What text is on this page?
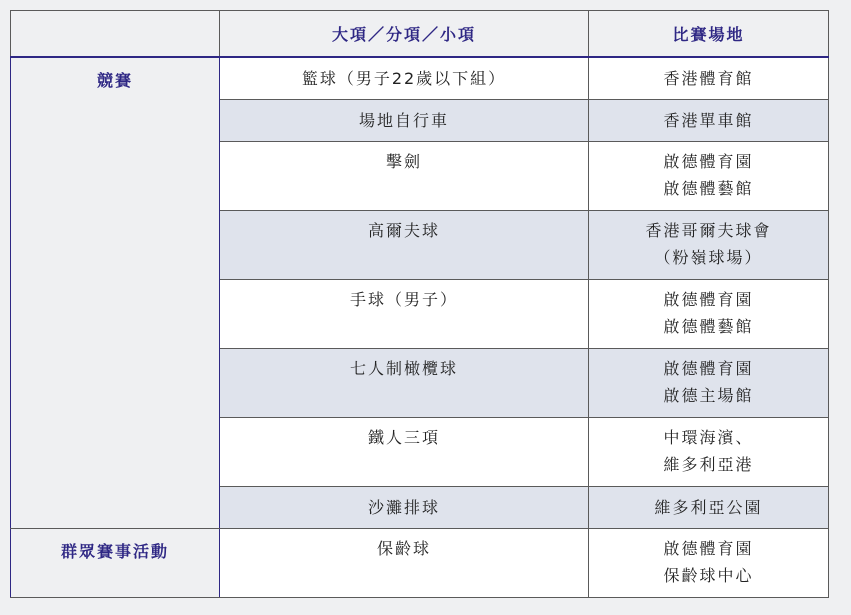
	大項／分項／小項	比賽場地
競賽	籃球（男子22歲以下組）	香港體育館

	場地自行車	香港單車館

	擊劍	啟德體育園
啟德體藝館

	高爾夫球	香港哥爾夫球會
（粉嶺球場）

	手球（男子）	啟德體育園
啟德體藝館

	七人制橄欖球	啟德體育園
啟德主場館

	鐵人三項	中環海濱、
維多利亞港

	沙灘排球	維多利亞公園

群眾賽事活動	保齡球	啟德體育園
保齡球中心
